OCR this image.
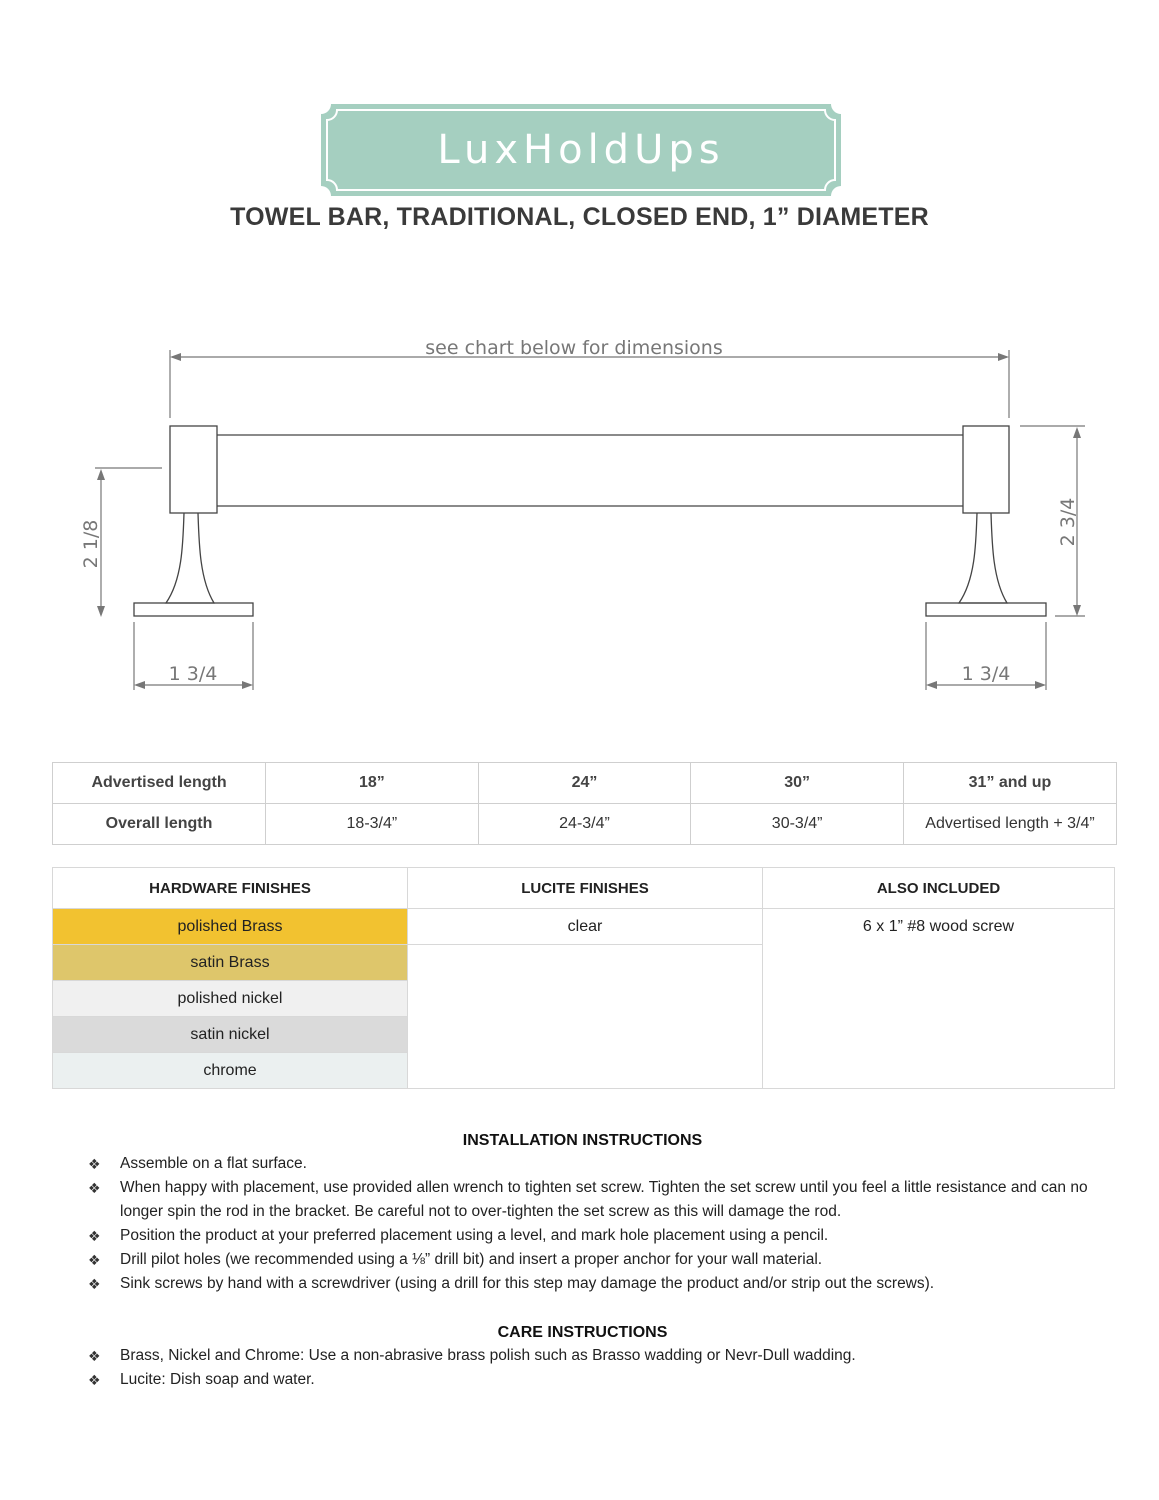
LuxHoldUps
TOWEL BAR, TRADITIONAL, CLOSED END, 1” DIAMETER
see chart below for dimensions
2 1/8	2 3/4
1 3/4	1 3/4
Advertised length	18”	24”	30”	31” and up
Overall length	18-3/4”	24-3/4”	30-3/4”	Advertised length + 3/4”
HARDWARE FINISHES	LUCITE FINISHES	ALSO INCLUDED
polished Brass	clear	6 x 1” #8 wood screw
satin Brass		
polished nickel		
satin nickel		
chrome		
INSTALLATION INSTRUCTIONS
❖ Assemble on a flat surface.
❖ When happy with placement, use provided allen wrench to tighten set screw. Tighten the set screw until you feel a little resistance and can no longer spin the rod in the bracket. Be careful not to over-tighten the set screw as this will damage the rod.
❖ Position the product at your preferred placement using a level, and mark hole placement using a pencil.
❖ Drill pilot holes (we recommended using a ⅛” drill bit) and insert a proper anchor for your wall material.
❖ Sink screws by hand with a screwdriver (using a drill for this step may damage the product and/or strip out the screws).
CARE INSTRUCTIONS
❖ Brass, Nickel and Chrome: Use a non-abrasive brass polish such as Brasso wadding or Nevr-Dull wadding.
❖ Lucite: Dish soap and water.
